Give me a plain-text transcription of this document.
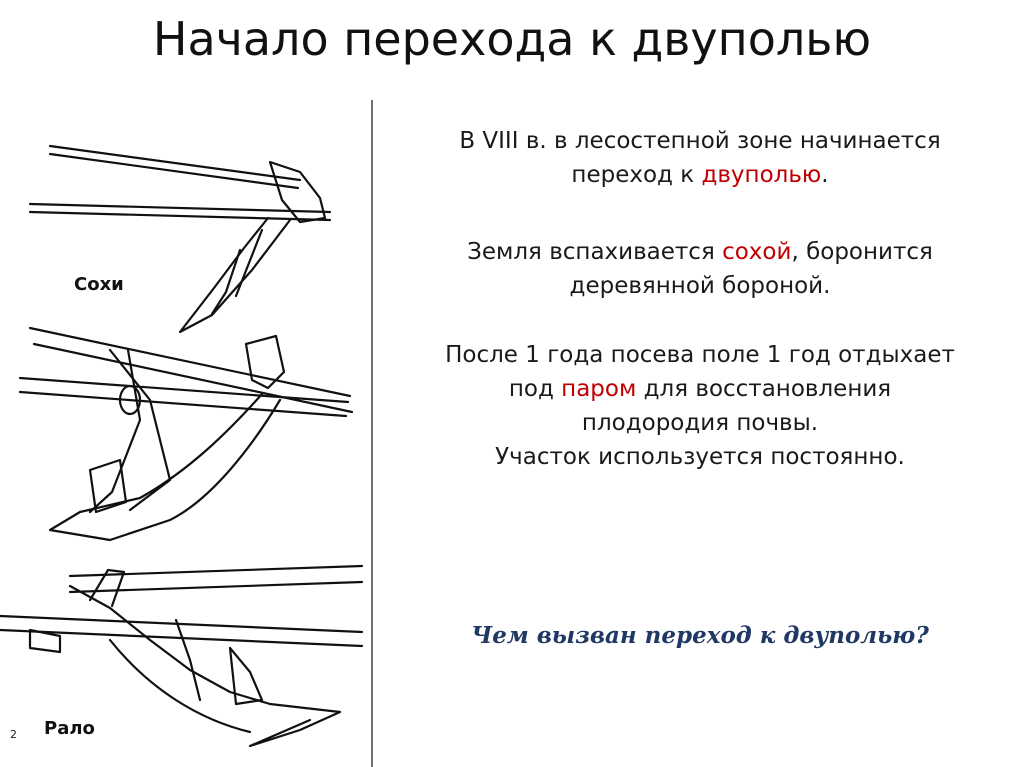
Начало перехода к двуполью
Сохи
Рало
2
В VIII в. в лесостепной зоне начинается
переход к двуполью.
Земля вспахивается сохой, боронится
деревянной бороной.
После 1 года посева поле 1 год отдыхает
под паром для восстановления
плодородия почвы.
Участок используется постоянно.
Чем вызван переход к двуполью?
